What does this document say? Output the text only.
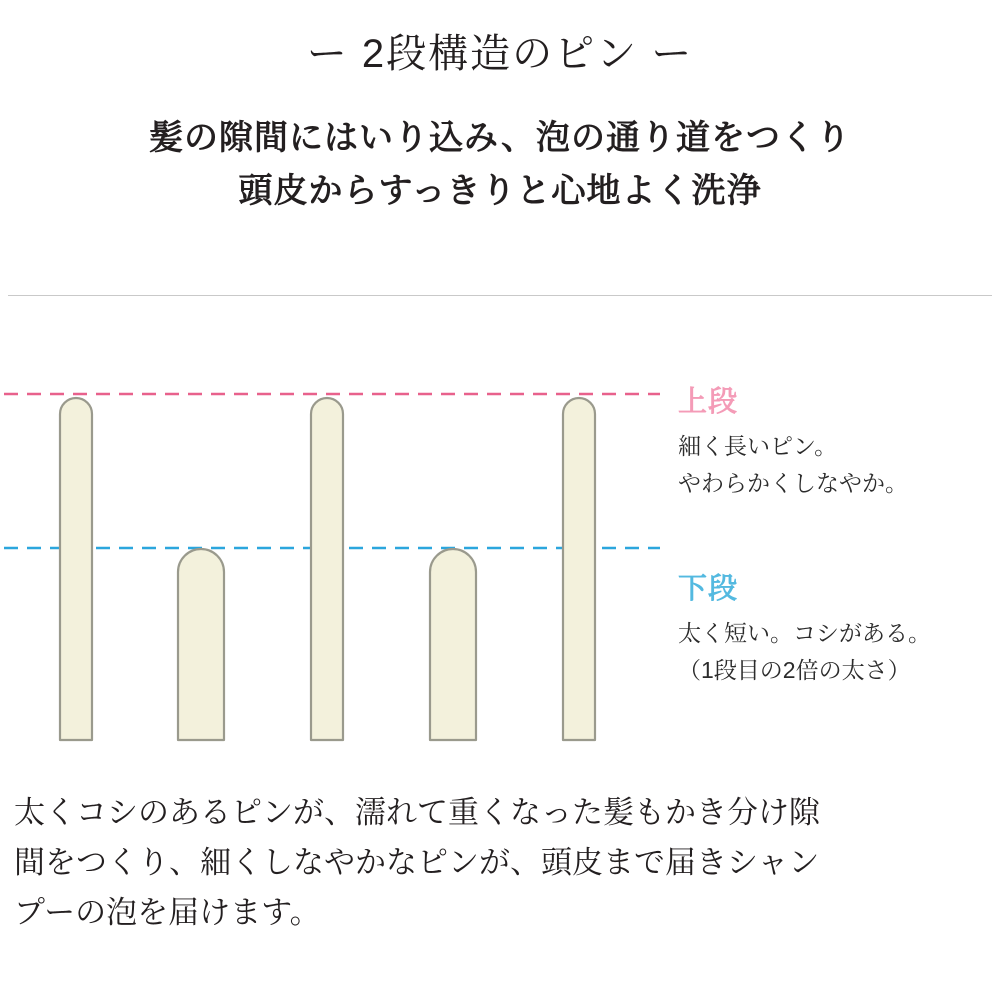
ー 2段構造のピン ー
髪の隙間にはいり込み、泡の通り道をつくり
頭皮からすっきりと心地よく洗浄
上段
細く長いピン。
やわらかくしなやか。
下段
太く短い。コシがある。
（1段目の2倍の太さ）
太くコシのあるピンが、濡れて重くなった髪もかき分け隙
間をつくり、細くしなやかなピンが、頭皮まで届きシャン
プーの泡を届けます。
